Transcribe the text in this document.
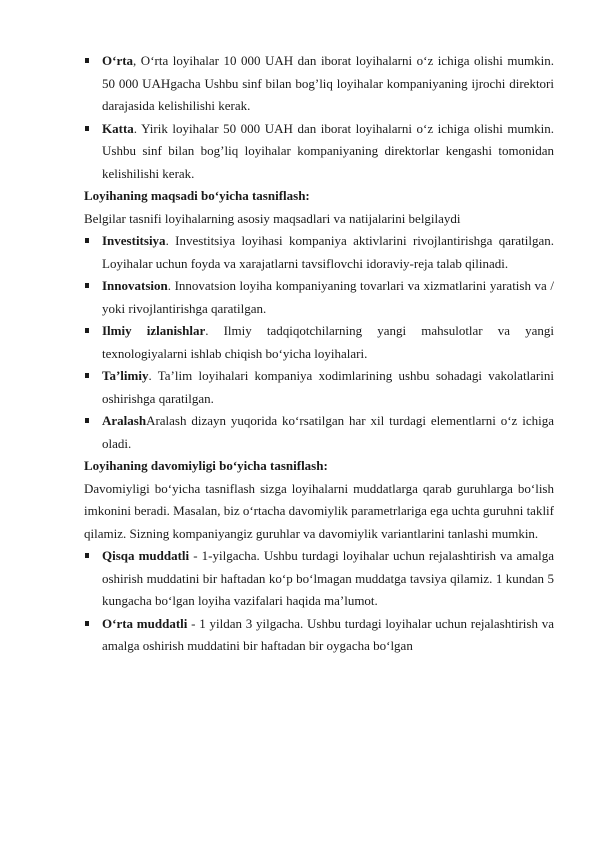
O‘rta, O‘rta loyihalar 10 000 UAH dan iborat loyihalarni o‘z ichiga olishi mumkin. 50 000 UAHgacha Ushbu sinf bilan bog’liq loyihalar kompaniyaning ijrochi direktori darajasida kelishilishi kerak.
Katta. Yirik loyihalar 50 000 UAH dan iborat loyihalarni o‘z ichiga olishi mumkin. Ushbu sinf bilan bog’liq loyihalar kompaniyaning direktorlar kengashi tomonidan kelishilishi kerak.
Loyihaning maqsadi bo‘yicha tasniflash:
Belgilar tasnifi loyihalarning asosiy maqsadlari va natijalarini belgilaydi
Investitsiya. Investitsiya loyihasi kompaniya aktivlarini rivojlantirishga qaratilgan. Loyihalar uchun foyda va xarajatlarni tavsiflovchi idoraviy-reja talab qilinadi.
Innovatsion. Innovatsion loyiha kompaniyaning tovarlari va xizmatlarini yaratish va / yoki rivojlantirishga qaratilgan.
Ilmiy izlanishlar. Ilmiy tadqiqotchilarning yangi mahsulotlar va yangi texnologiyalarni ishlab chiqish bo‘yicha loyihalari.
Ta’limiy. Ta’lim loyihalari kompaniya xodimlarining ushbu sohadagi vakolatlarini oshirishga qaratilgan.
AralashAralash dizayn yuqorida ko‘rsatilgan har xil turdagi elementlarni o‘z ichiga oladi.
Loyihaning davomiyligi bo‘yicha tasniflash:
Davomiyligi bo‘yicha tasniflash sizga loyihalarni muddatlarga qarab guruhlarga bo‘lish imkonini beradi. Masalan, biz o‘rtacha davomiylik parametrlariga ega uchta guruhni taklif qilamiz. Sizning kompaniyangiz guruhlar va davomiylik variantlarini tanlashi mumkin.
Qisqa muddatli - 1-yilgacha. Ushbu turdagi loyihalar uchun rejalashtirish va amalga oshirish muddatini bir haftadan ko‘p bo‘lmagan muddatga tavsiya qilamiz. 1 kundan 5 kungacha bo‘lgan loyiha vazifalari haqida ma’lumot.
O‘rta muddatli - 1 yildan 3 yilgacha. Ushbu turdagi loyihalar uchun rejalashtirish va amalga oshirish muddatini bir haftadan bir oygacha bo‘lgan
